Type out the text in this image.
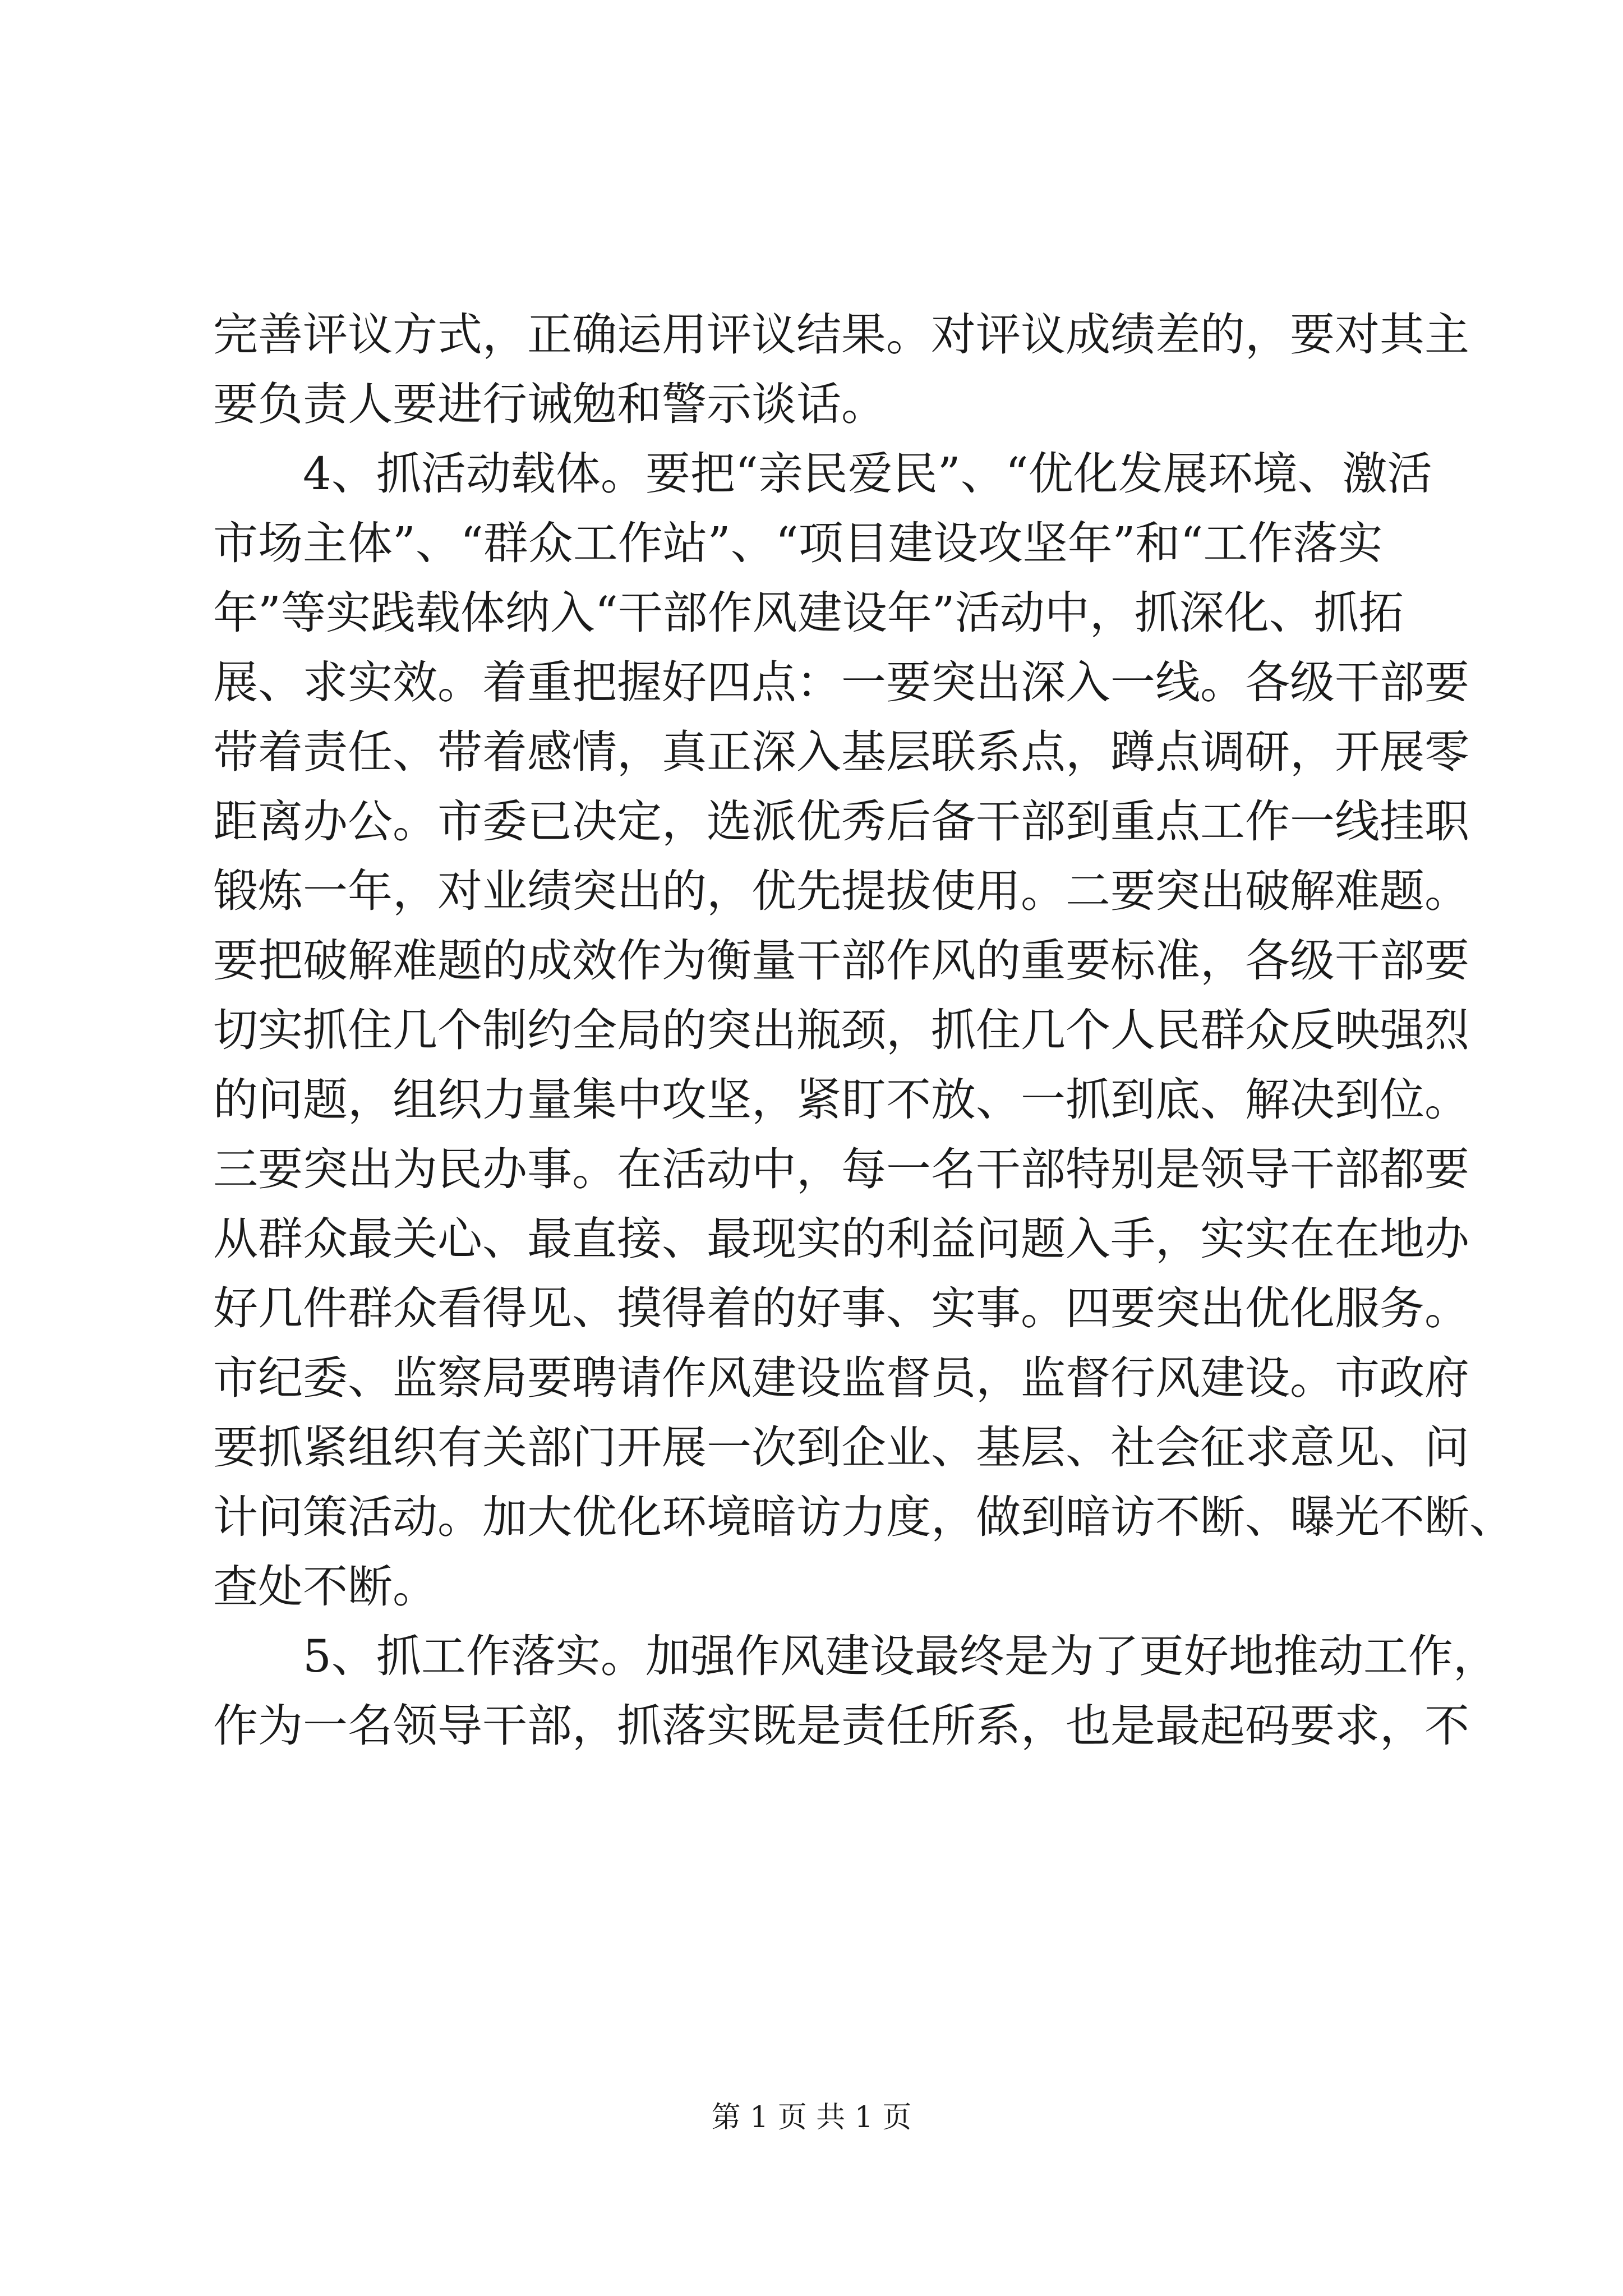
完善评议方式，正确运用评议结果。对评议成绩差的，要对其主
要负责人要进行诫勉和警示谈话。
　　4、抓活动载体。要把“亲民爱民”、“优化发展环境、激活
市场主体”、“群众工作站”、“项目建设攻坚年”和“工作落实
年”等实践载体纳入“干部作风建设年”活动中，抓深化、抓拓
展、求实效。着重把握好四点：一要突出深入一线。各级干部要
带着责任、带着感情，真正深入基层联系点，蹲点调研，开展零
距离办公。市委已决定，选派优秀后备干部到重点工作一线挂职
锻炼一年，对业绩突出的，优先提拔使用。二要突出破解难题。
要把破解难题的成效作为衡量干部作风的重要标准，各级干部要
切实抓住几个制约全局的突出瓶颈，抓住几个人民群众反映强烈
的问题，组织力量集中攻坚，紧盯不放、一抓到底、解决到位。
三要突出为民办事。在活动中，每一名干部特别是领导干部都要
从群众最关心、最直接、最现实的利益问题入手，实实在在地办
好几件群众看得见、摸得着的好事、实事。四要突出优化服务。
市纪委、监察局要聘请作风建设监督员，监督行风建设。市政府
要抓紧组织有关部门开展一次到企业、基层、社会征求意见、问
计问策活动。加大优化环境暗访力度，做到暗访不断、曝光不断、
查处不断。
　　5、抓工作落实。加强作风建设最终是为了更好地推动工作，
作为一名领导干部，抓落实既是责任所系，也是最起码要求，不
第 1 页 共 1 页
